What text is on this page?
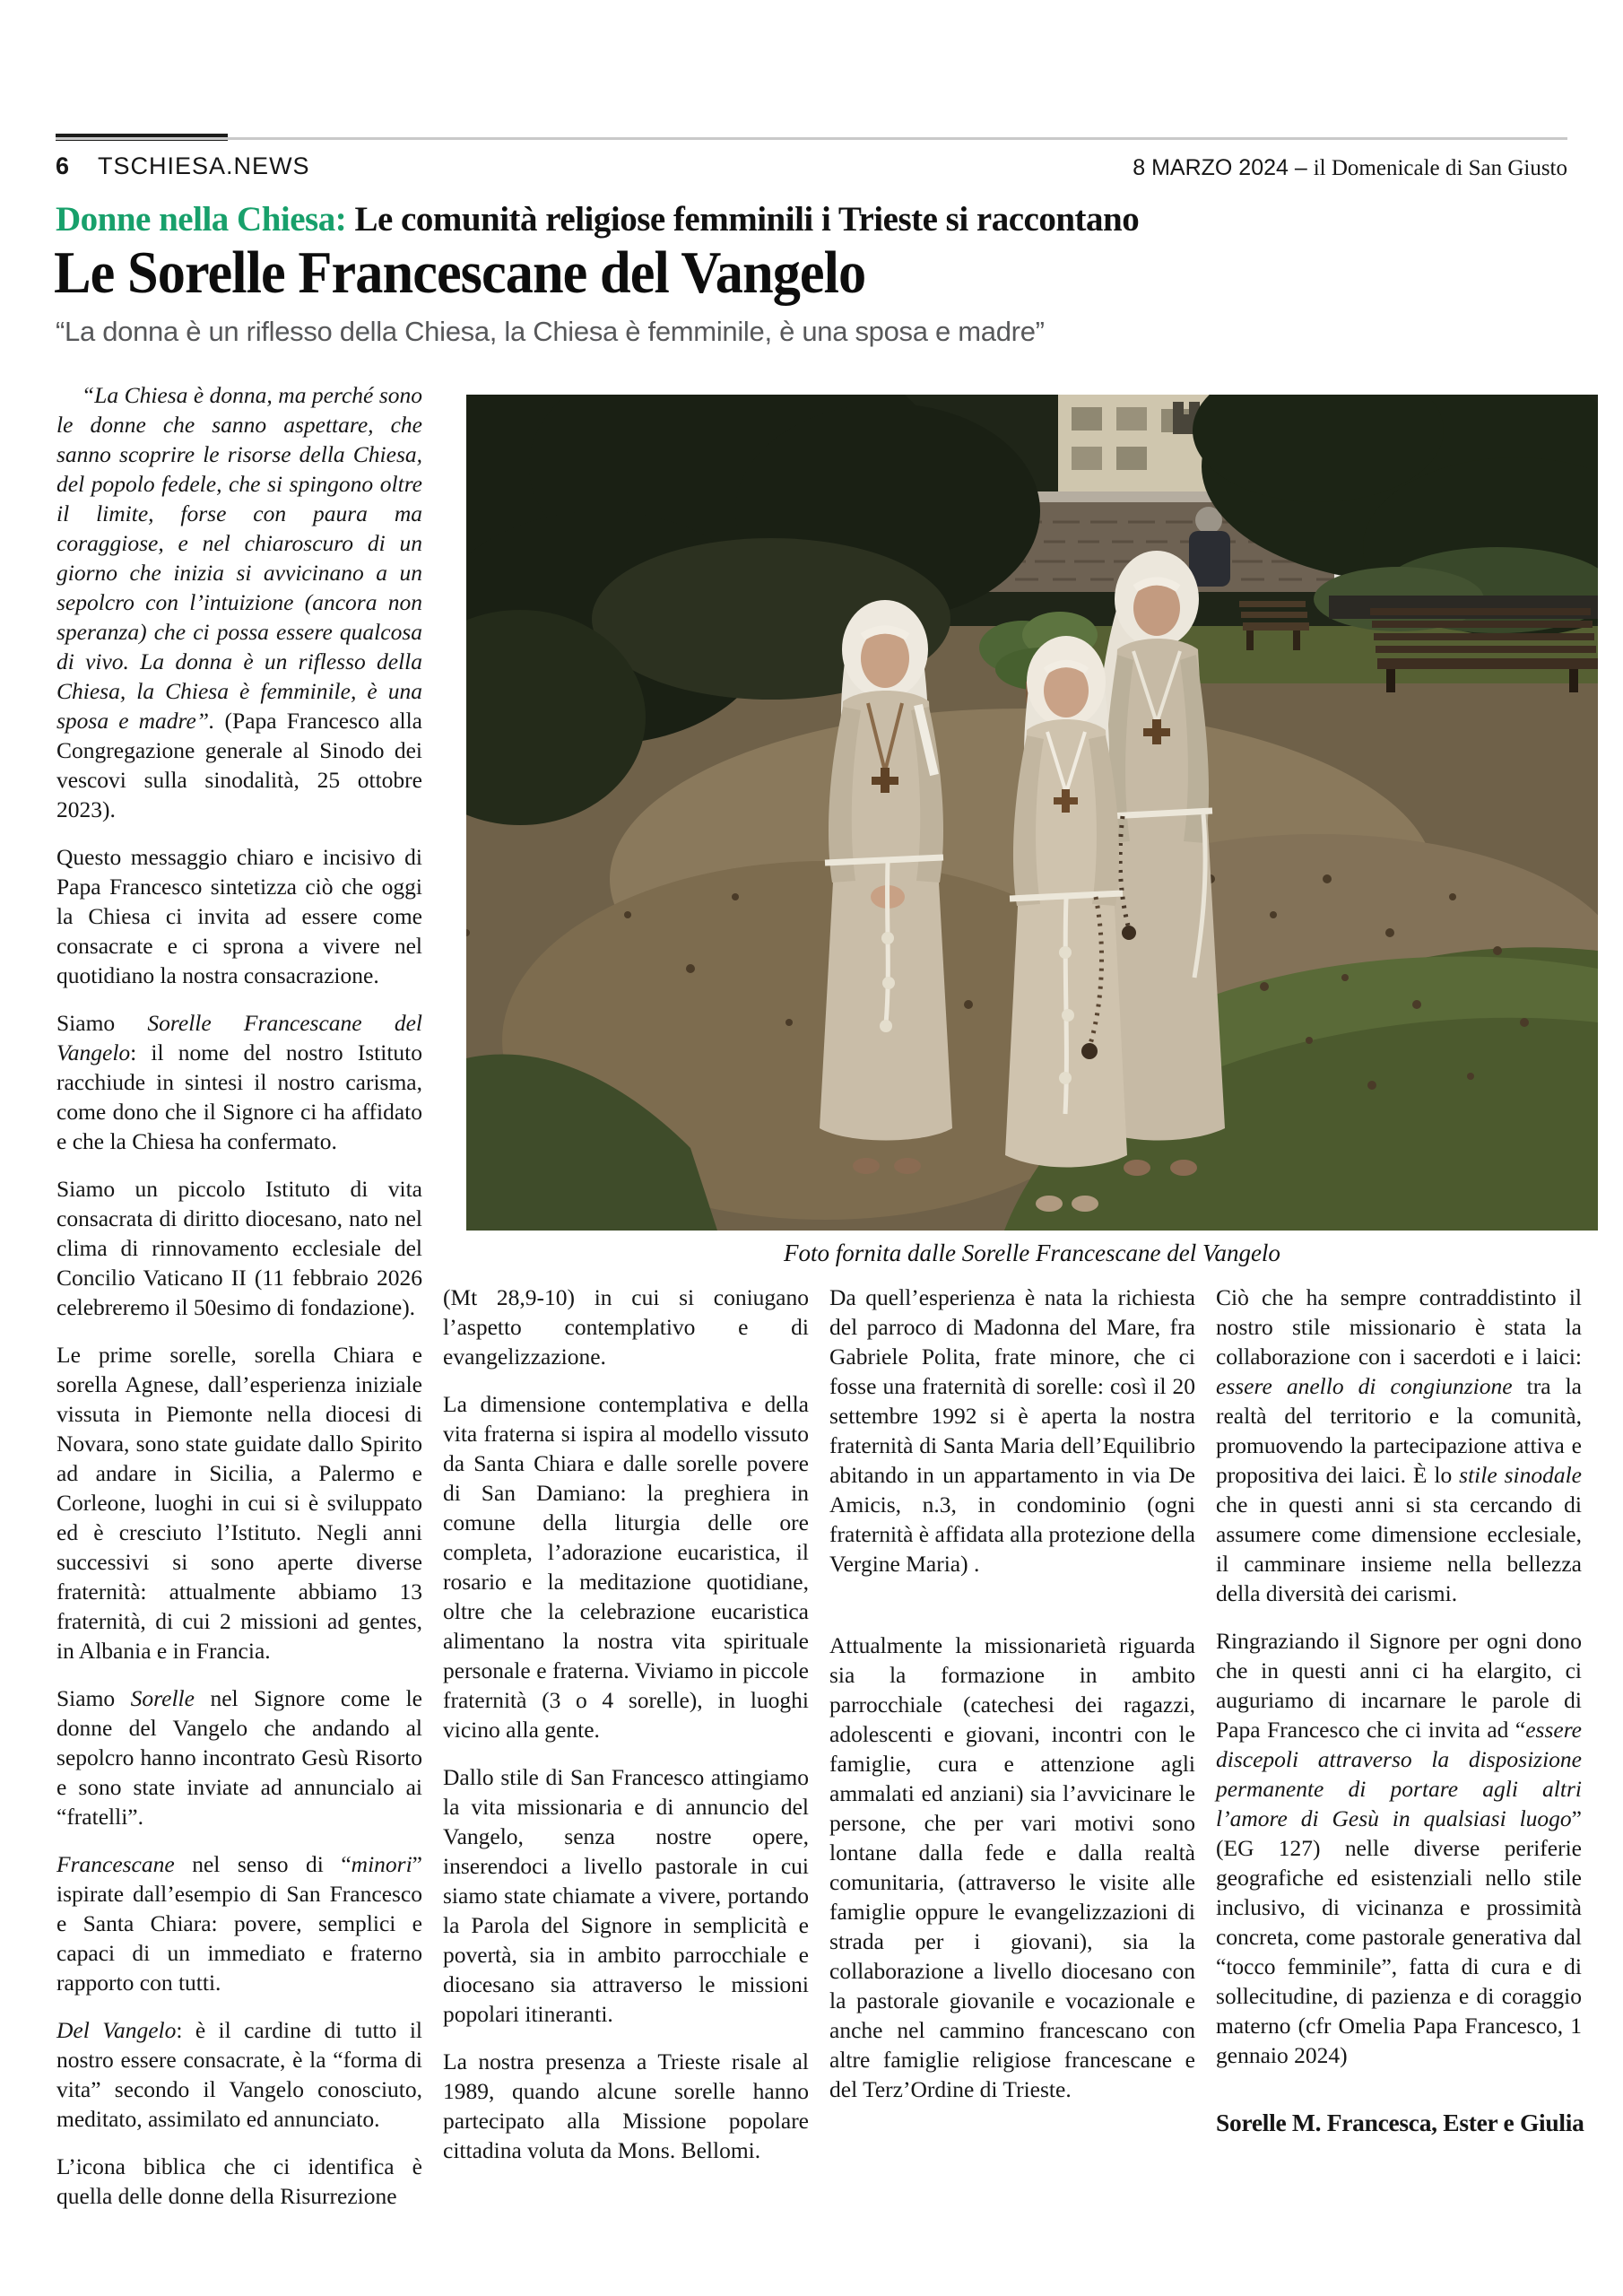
6 TSCHIESA.NEWS	8 MARZO 2024 – il Domenicale di San Giusto
Donne nella Chiesa: Le comunità religiose femminili i Trieste si raccontano
Le Sorelle Francescane del Vangelo
“La donna è un riflesso della Chiesa, la Chiesa è femminile, è una sposa e madre”
Foto fornita dalle Sorelle Francescane del Vangelo

“La Chiesa è donna, ma perché sono le donne che sanno aspettare, che sanno scoprire le risorse della Chiesa, del popolo fedele, che si spingono oltre il limite, forse con paura ma coraggiose, e nel chiaroscuro di un giorno che inizia si avvicinano a un sepolcro con l’intuizione (ancora non speranza) che ci possa essere qualcosa di vivo. La donna è un riflesso della Chiesa, la Chiesa è femminile, è una sposa e madre”. (Papa Francesco alla Congregazione generale al Sinodo dei vescovi sulla sinodalità, 25 ottobre 2023).

Questo messaggio chiaro e incisivo di Papa Francesco sintetizza ciò che oggi la Chiesa ci invita ad essere come consacrate e ci sprona a vivere nel quotidiano la nostra consacrazione.

Siamo Sorelle Francescane del Vangelo: il nome del nostro Istituto racchiude in sintesi il nostro carisma, come dono che il Signore ci ha affidato e che la Chiesa ha confermato.

Siamo un piccolo Istituto di vita consacrata di diritto diocesano, nato nel clima di rinnovamento ecclesiale del Concilio Vaticano II (11 febbraio 2026 celebreremo il 50esimo di fondazione).

Le prime sorelle, sorella Chiara e sorella Agnese, dall’esperienza iniziale vissuta in Piemonte nella diocesi di Novara, sono state guidate dallo Spirito ad andare in Sicilia, a Palermo e Corleone, luoghi in cui si è sviluppato ed è cresciuto l’Istituto. Negli anni successivi si sono aperte diverse fraternità: attualmente abbiamo 13 fraternità, di cui 2 missioni ad gentes, in Albania e in Francia.

Siamo Sorelle nel Signore come le donne del Vangelo che andando al sepolcro hanno incontrato Gesù Risorto e sono state inviate ad annuncialo ai “fratelli”.

Francescane nel senso di “minori” ispirate dall’esempio di San Francesco e Santa Chiara: povere, semplici e capaci di un immediato e fraterno rapporto con tutti.

Del Vangelo: è il cardine di tutto il nostro essere consacrate, è la “forma di vita” secondo il Vangelo conosciuto, meditato, assimilato ed annunciato.

L’icona biblica che ci identifica è quella delle donne della Risurrezione

(Mt 28,9-10) in cui si coniugano l’aspetto contemplativo e di evangelizzazione.

La dimensione contemplativa e della vita fraterna si ispira al modello vissuto da Santa Chiara e dalle sorelle povere di San Damiano: la preghiera in comune della liturgia delle ore completa, l’adorazione eucaristica, il rosario e la meditazione quotidiane, oltre che la celebrazione eucaristica alimentano la nostra vita spirituale personale e fraterna. Viviamo in piccole fraternità (3 o 4 sorelle), in luoghi vicino alla gente.

Dallo stile di San Francesco attingiamo la vita missionaria e di annuncio del Vangelo, senza nostre opere, inserendoci a livello pastorale in cui siamo state chiamate a vivere, portando la Parola del Signore in semplicità e povertà, sia in ambito parrocchiale e diocesano sia attraverso le missioni popolari itineranti.

La nostra presenza a Trieste risale al 1989, quando alcune sorelle hanno partecipato alla Missione popolare cittadina voluta da Mons. Bellomi.

Da quell’esperienza è nata la richiesta del parroco di Madonna del Mare, fra Gabriele Polita, frate minore, che ci fosse una fraternità di sorelle: così il 20 settembre 1992 si è aperta la nostra fraternità di Santa Maria dell’Equilibrio abitando in un appartamento in via De Amicis, n.3, in condominio (ogni fraternità è affidata alla protezione della Vergine Maria) .

Attualmente la missionarietà riguarda sia la formazione in ambito parrocchiale (catechesi dei ragazzi, adolescenti e giovani, incontri con le famiglie, cura e attenzione agli ammalati ed anziani) sia l’avvicinare le persone, che per vari motivi sono lontane dalla fede e dalla realtà comunitaria, (attraverso le visite alle famiglie oppure le evangelizzazioni di strada per i giovani), sia la collaborazione a livello diocesano con la pastorale giovanile e vocazionale e anche nel cammino francescano con altre famiglie religiose francescane e del Terz’Ordine di Trieste.

Ciò che ha sempre contraddistinto il nostro stile missionario è stata la collaborazione con i sacerdoti e i laici: essere anello di congiunzione tra la realtà del territorio e la comunità, promuovendo la partecipazione attiva e propositiva dei laici. È lo stile sinodale che in questi anni si sta cercando di assumere come dimensione ecclesiale, il camminare insieme nella bellezza della diversità dei carismi.

Ringraziando il Signore per ogni dono che in questi anni ci ha elargito, ci auguriamo di incarnare le parole di Papa Francesco che ci invita ad “essere discepoli attraverso la disposizione permanente di portare agli altri l’amore di Gesù in qualsiasi luogo” (EG 127) nelle diverse periferie geografiche ed esistenziali nello stile inclusivo, di vicinanza e prossimità concreta, come pastorale generativa dal “tocco femminile”, fatta di cura e di sollecitudine, di pazienza e di coraggio materno (cfr Omelia Papa Francesco, 1 gennaio 2024)

Sorelle M. Francesca, Ester e Giulia
